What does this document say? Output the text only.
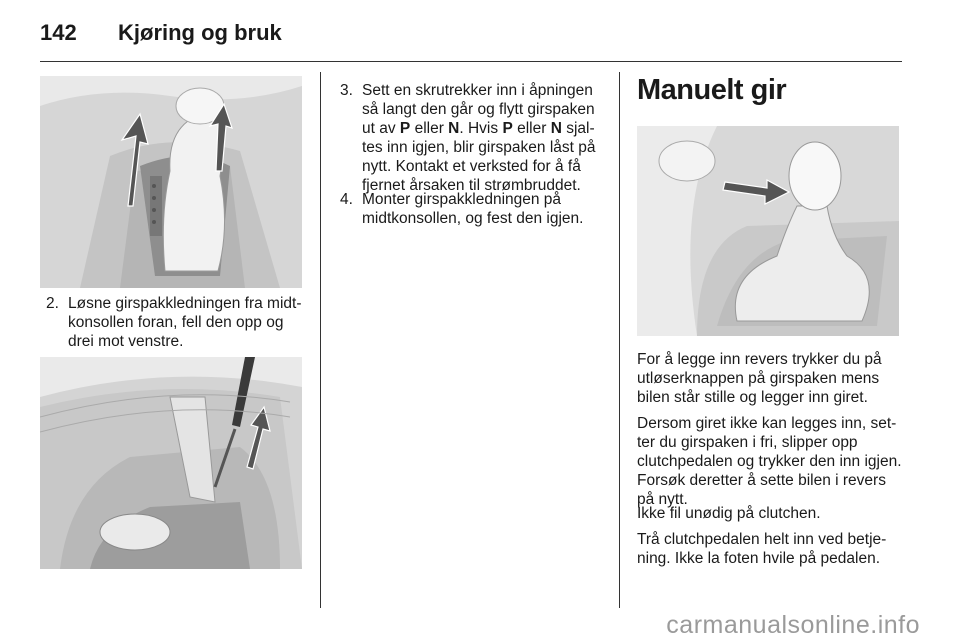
142 Kjøring og bruk
2. Løsne girspakkledningen fra midt-konsollen foran, fell den opp og drei mot venstre.
3. Sett en skrutrekker inn i åpningen så langt den går og flytt girspaken ut av P eller N. Hvis P eller N sjal-tes inn igjen, blir girspaken låst på nytt. Kontakt et verksted for å få fjernet årsaken til strømbruddet.
4. Monter girspakkledningen på midtkonsollen, og fest den igjen.
Manuelt gir
For å legge inn revers trykker du på utløserknappen på girspaken mens bilen står stille og legger inn giret.
Dersom giret ikke kan legges inn, set-ter du girspaken i fri, slipper opp clutchpedalen og trykker den inn igjen. Forsøk deretter å sette bilen i revers på nytt.
Ikke fil unødig på clutchen.
Trå clutchpedalen helt inn ved betje-ning. Ikke la foten hvile på pedalen.
carmanualsonline.info
